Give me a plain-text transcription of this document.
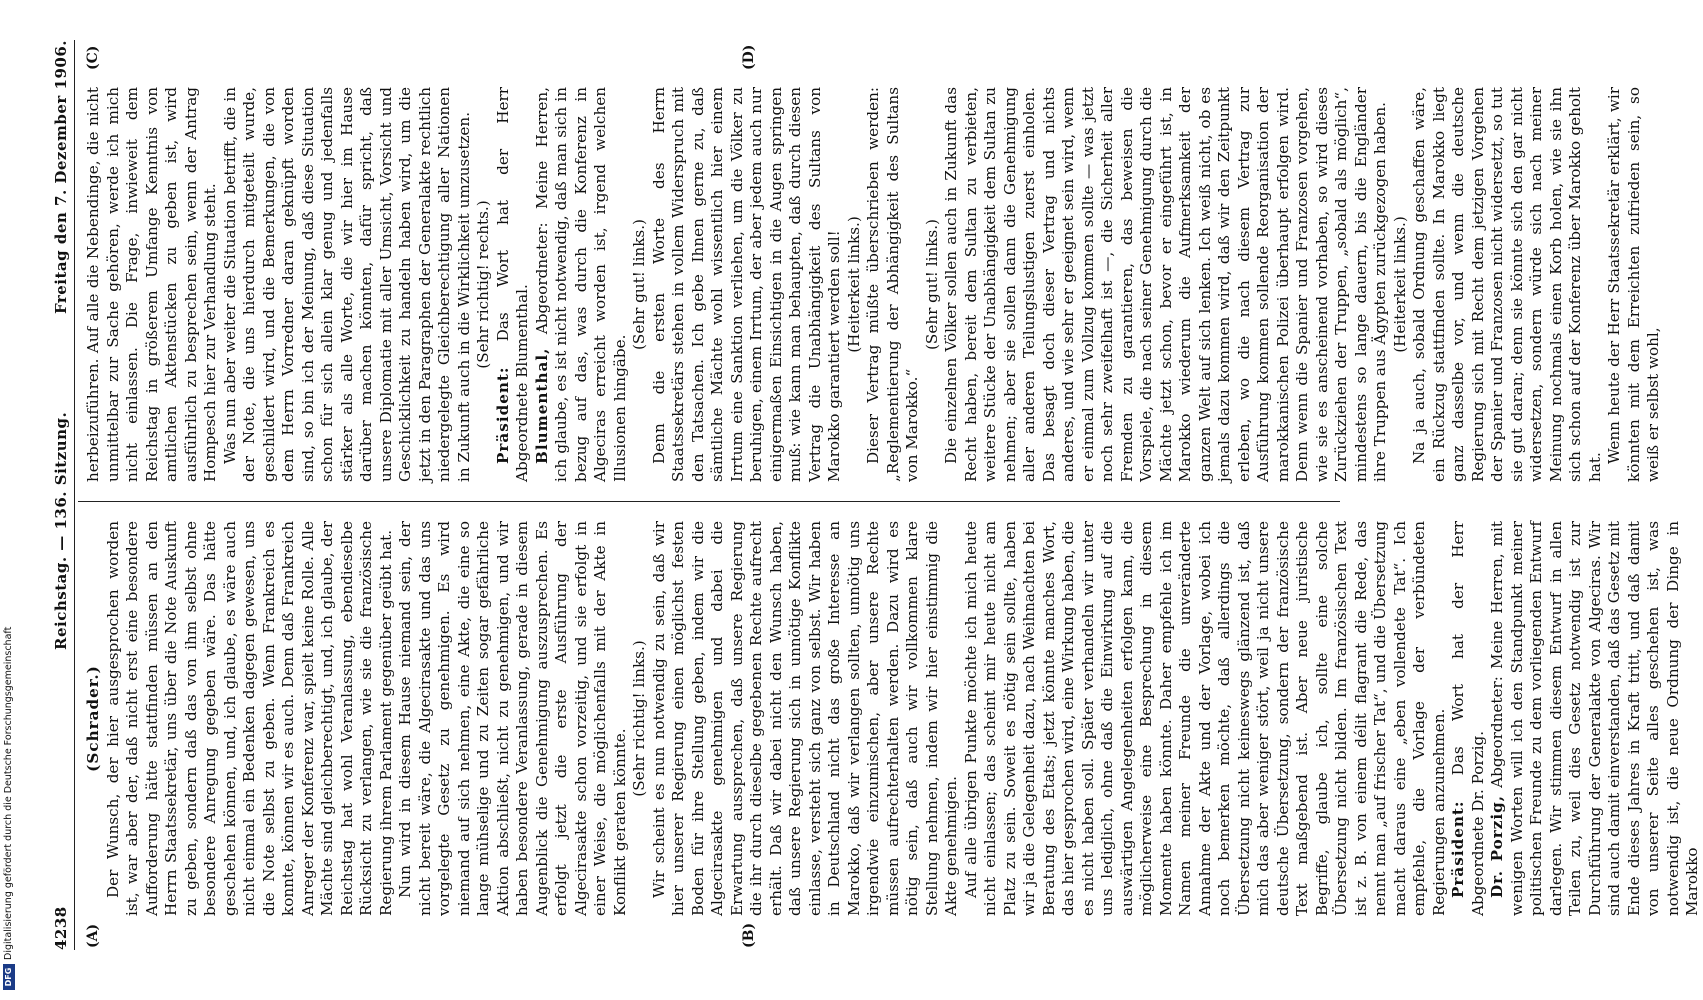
4238
Reichstag. — 136. Sitzung.
Freitag den 7. Dezember 1906.
(A)	(B)
(C)	(D)

(Schrader.) Der Wunsch, der hier ausgesprochen worden ist, war aber der, daß nicht erst eine besondere Aufforderung hätte stattfinden müssen an den Herrn Staatssekretär, uns über die Note Auskunft zu geben, sondern daß das von ihm selbst ohne besondere Anregung gegeben wäre. Das hätte geschehen können, und, ich glaube, es wäre auch nicht einmal ein Bedenken dagegen gewesen, uns die Note selbst zu geben. Wenn Frankreich es konnte, können wir es auch. Denn daß Frankreich Anreger der Konferenz war, spielt keine Rolle. Alle Mächte sind gleichberechtigt, und, ich glaube, der Reichstag hat wohl Veranlassung, ebendieselbe Rücksicht zu verlangen, wie sie die französische Regierung ihrem Parlament gegenüber geübt hat. Nun wird in diesem Hause niemand sein, der nicht bereit wäre, die Algecirasakte und das uns vorgelegte Gesetz zu genehmigen. Es wird niemand auf sich nehmen, eine Akte, die eine so lange mühselige und zu Zeiten sogar gefährliche Aktion abschließt, nicht zu genehmigen, und wir haben besondere Veranlassung, gerade in diesem Augenblick die Genehmigung auszusprechen. Es erfolgt jetzt die erste Ausführung der Algecirasakte schon vorzeitig, und sie erfolgt in einer Weise, die möglichenfalls mit der Akte in Konflikt geraten könnte.

(Sehr richtig! links.) Wir scheint es nun notwendig zu sein, daß wir hier unserer Regierung einen möglichst festen Boden für ihre Stellung geben, indem wir die Algecirasakte genehmigen und dabei die Erwartung aussprechen, daß unsere Regierung die ihr durch dieselbe gegebenen Rechte aufrecht erhält. Daß wir dabei nicht den Wunsch haben, daß unsere Regierung sich in unnötige Konflikte einlasse, versteht sich ganz von selbst. Wir haben in Deutschland nicht das große Interesse an Marokko, daß wir verlangen sollten, unnötig uns irgendwie einzumischen, aber unsere Rechte müssen aufrechterhalten werden. Dazu wird es nötig sein, daß auch wir vollkommen klare Stellung nehmen, indem wir hier einstimmig die Akte genehmigen. Auf alle übrigen Punkte möchte ich mich heute nicht einlassen; das scheint mir heute nicht am Platz zu sein. Soweit es nötig sein sollte, haben wir ja die Gelegenheit dazu, nach Weihnachten bei Beratung des Etats; jetzt könnte manches Wort, das hier gesprochen wird, eine Wirkung haben, die es nicht haben soll. Später verhandeln wir unter uns lediglich, ohne daß die Einwirkung auf die auswärtigen Angelegenheiten erfolgen kann, die möglicherweise eine Besprechung in diesem Momente haben könnte. Daher empfehle ich im Namen meiner Freunde die unveränderte Annahme der Akte und der Vorlage, wobei ich noch bemerken möchte, daß allerdings die Übersetzung nicht keineswegs glänzend ist, daß mich das aber weniger stört, weil ja nicht unsere deutsche Übersetzung, sondern der französische Text maßgebend ist. Aber neue juristische Begriffe, glaube ich, sollte eine solche Übersetzung nicht bilden. Im französischen Text ist z. B. von einem délit flagrant die Rede, das nennt man „auf frischer Tat“, und die Übersetzung macht daraus eine „eben vollendete Tat“. Ich empfehle, die Vorlage der verbündeten Regierungen anzunehmen. Präsident: Das Wort hat der Herr Abgeordnete Dr. Porzig. Dr. Porzig, Abgeordneter: Meine Herren, mit wenigen Worten will ich den Standpunkt meiner politischen Freunde zu dem vorliegenden Entwurf darlegen. Wir stimmen diesem Entwurf in allen Teilen zu, weil dies Gesetz notwendig ist zur Durchführung der Generalakte von Algeciras. Wir sind auch damit einverstanden, daß das Gesetz mit Ende dieses Jahres in Kraft tritt, und daß damit von unserer Seite alles geschehen ist, was notwendig ist, die neue Ordnung der Dinge in Marokko

herbeizuführen. Auf alle die Nebendinge, die nicht unmittelbar zur Sache gehören, werde ich mich nicht einlassen. Die Frage, inwieweit dem Reichstag in größerem Umfange Kenntnis von amtlichen Aktenstücken zu geben ist, wird ausführlich zu besprechen sein, wenn der Antrag Hompesch hier zur Verhandlung steht. Was nun aber weiter die Situation betrifft, die in der Note, die uns hierdurch mitgeteilt wurde, geschildert wird, und die Bemerkungen, die von dem Herrn Vorredner daran geknüpft worden sind, so bin ich der Meinung, daß diese Situation schon für sich allein klar genug und jedenfalls stärker als alle Worte, die wir hier im Hause darüber machen könnten, dafür spricht, daß unsere Diplomatie mit aller Umsicht, Vorsicht und Geschicklichkeit zu handeln haben wird, um die jetzt in den Paragraphen der Generalakte rechtlich niedergelegte Gleichberechtigung aller Nationen in Zukunft auch in die Wirklichkeit umzusetzen. (Sehr richtig! rechts.)

Präsident: Das Wort hat der Herr Abgeordnete Blumenthal. Blumenthal, Abgeordneter: Meine Herren, ich glaube, es ist nicht notwendig, daß man sich in bezug auf das, was durch die Konferenz in Algeciras erreicht worden ist, irgend welchen Illusionen hingäbe.

(Sehr gut! links.) Denn die ersten Worte des Herrn Staatssekretärs stehen in vollem Widerspruch mit den Tatsachen. Ich gebe Ihnen gerne zu, daß sämtliche Mächte wohl wissentlich hier einem Irrtum eine Sanktion verliehen, um die Völker zu beruhigen, einem Irrtum, der aber jedem auch nur einigermaßen Einsichtigen in die Augen springen muß: wie kann man behaupten, daß durch diesen Vertrag die Unabhängigkeit des Sultans von Marokko garantiert werden soll! (Heiterkeit links.) Dieser Vertrag müßte überschrieben werden: „Reglementierung der Abhängigkeit des Sultans von Marokko.“

(Sehr gut! links.) Die einzelnen Völker sollen auch in Zukunft das Recht haben, bereit dem Sultan zu verbieten, weitere Stücke der Unabhängigkeit dem Sultan zu nehmen; aber sie sollen dann die Genehmigung aller anderen Teilungslustigen zuerst einholen. Das besagt doch dieser Vertrag und nichts anderes, und wie sehr er geeignet sein wird, wenn er einmal zum Vollzug kommen sollte — was jetzt noch sehr zweifelhaft ist —, die Sicherheit aller Fremden zu garantieren, das beweisen die Vorspiele, die nach seiner Genehmigung durch die Mächte jetzt schon, bevor er eingeführt ist, in Marokko wiederum die Aufmerksamkeit der ganzen Welt auf sich lenken. Ich weiß nicht, ob es jemals dazu kommen wird, daß wir den Zeitpunkt erleben, wo die nach diesem Vertrag zur Ausführung kommen sollende Reorganisation der marokkanischen Polizei überhaupt erfolgen wird. Denn wenn die Spanier und Franzosen vorgehen, wie sie es anscheinend vorhaben, so wird dieses Zurückziehen der Truppen, „sobald als möglich“, mindestens so lange dauern, bis die Engländer ihre Truppen aus Ägypten zurückgezogen haben. (Heiterkeit links.) Na ja auch, sobald Ordnung geschaffen wäre, ein Rückzug stattfinden sollte. In Marokko liegt ganz dasselbe vor, und wenn die deutsche Regierung sich mit Recht dem jetzigen Vorgehen der Spanier und Franzosen nicht widersetzt, so tut sie gut daran; denn sie könnte sich den gar nicht widersetzen, sondern würde sich nach meiner Meinung nochmals einen Korb holen, wie sie ihn sich schon auf der Konferenz über Marokko geholt hat.

Wenn heute der Herr Staatssekretär erklärt, wir könnten mit dem Erreichten zufrieden sein, so weiß er selbst wohl,

DFGDigitalisierung gefördert durch die Deutsche Forschungsgemeinschaft
